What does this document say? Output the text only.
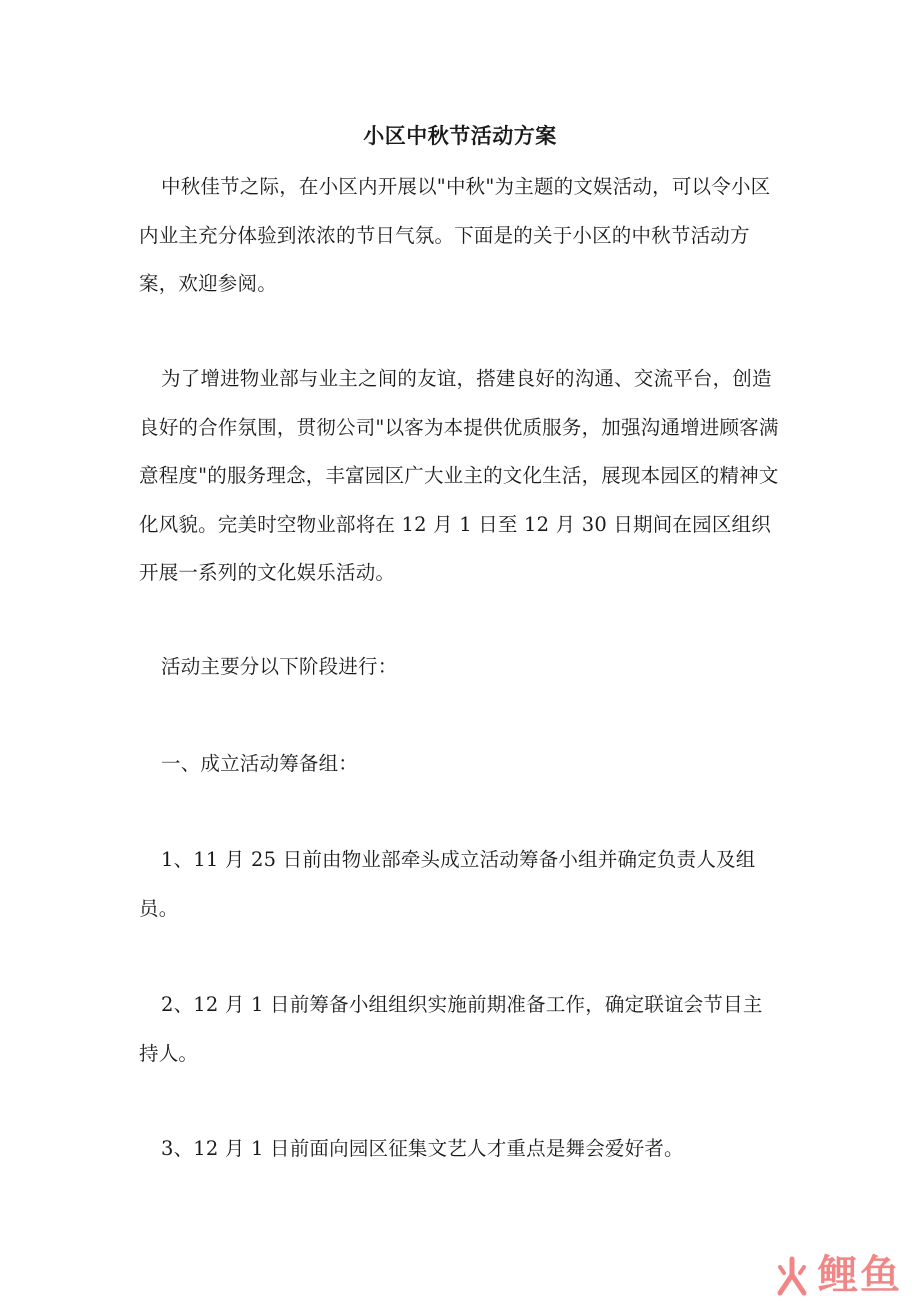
小区中秋节活动方案

中秋佳节之际，在小区内开展以"中秋"为主题的文娱活动，可以令小区内业主充分体验到浓浓的节日气氛。下面是的关于小区的中秋节活动方案，欢迎参阅。

为了增进物业部与业主之间的友谊，搭建良好的沟通、交流平台，创造良好的合作氛围，贯彻公司"以客为本提供优质服务，加强沟通增进顾客满意程度"的服务理念，丰富园区广大业主的文化生活，展现本园区的精神文化风貌。完美时空物业部将在 12 月 1 日至 12 月 30 日期间在园区组织开展一系列的文化娱乐活动。

活动主要分以下阶段进行：

一、成立活动筹备组：

1、11 月 25 日前由物业部牵头成立活动筹备小组并确定负责人及组员。

2、12 月 1 日前筹备小组组织实施前期准备工作，确定联谊会节目主持人。

3、12 月 1 日前面向园区征集文艺人才重点是舞会爱好者。

鲤鱼
